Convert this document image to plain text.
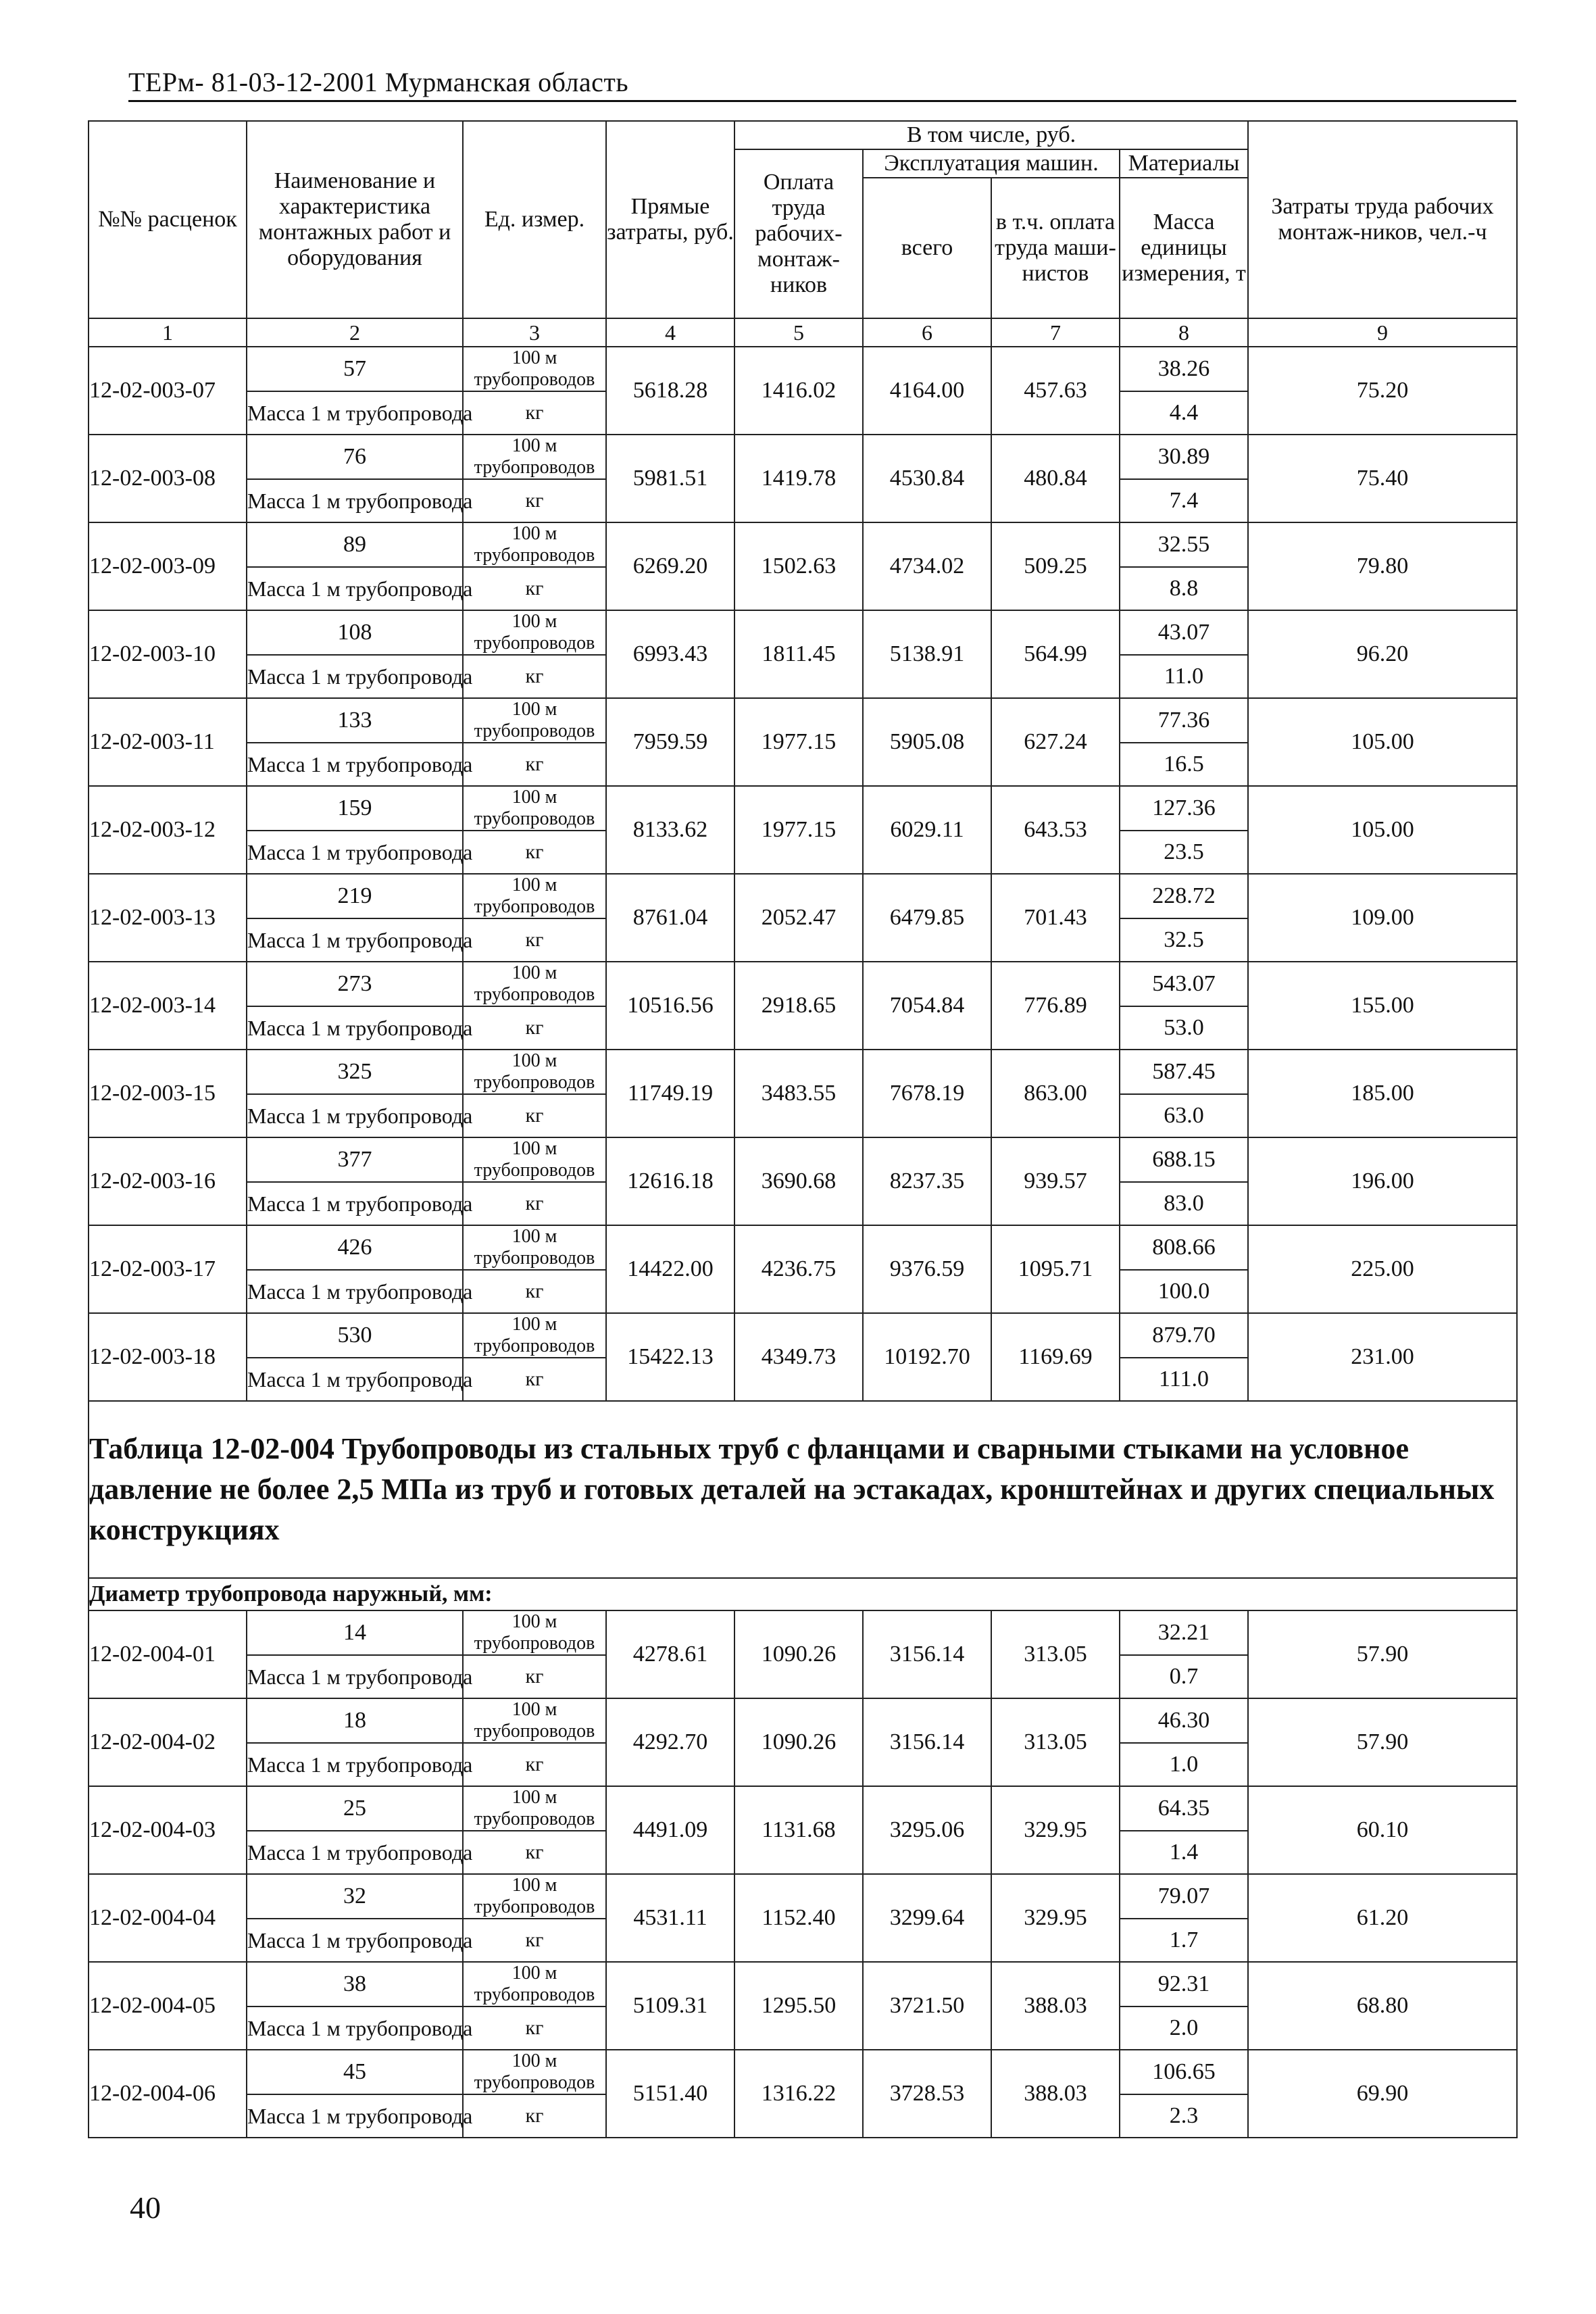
ТЕРм- 81-03-12-2001 Мурманская область
№№ расценок	Наименование и характеристика монтажных работ и оборудования	Ед. измер.	Прямые затраты, руб.	В том числе, руб.				Затраты труда рабочих монтаж-ников, чел.-ч
				Оплата труда рабочих-монтаж-ников	Эксплуатация машин.		Материалы	
					всего	в т.ч. оплата труда маши-нистов	Масса единицы измерения, т	
1	2	3	4	5	6	7	8	9
12-02-003-07	57	100 м трубопроводов	5618.28	1416.02	4164.00	457.63	38.26	75.20
	Масса 1 м трубопровода	кг					4.4	
12-02-003-08	76	100 м трубопроводов	5981.51	1419.78	4530.84	480.84	30.89	75.40
	Масса 1 м трубопровода	кг					7.4	
12-02-003-09	89	100 м трубопроводов	6269.20	1502.63	4734.02	509.25	32.55	79.80
	Масса 1 м трубопровода	кг					8.8	
12-02-003-10	108	100 м трубопроводов	6993.43	1811.45	5138.91	564.99	43.07	96.20
	Масса 1 м трубопровода	кг					11.0	
12-02-003-11	133	100 м трубопроводов	7959.59	1977.15	5905.08	627.24	77.36	105.00
	Масса 1 м трубопровода	кг					16.5	
12-02-003-12	159	100 м трубопроводов	8133.62	1977.15	6029.11	643.53	127.36	105.00
	Масса 1 м трубопровода	кг					23.5	
12-02-003-13	219	100 м трубопроводов	8761.04	2052.47	6479.85	701.43	228.72	109.00
	Масса 1 м трубопровода	кг					32.5	
12-02-003-14	273	100 м трубопроводов	10516.56	2918.65	7054.84	776.89	543.07	155.00
	Масса 1 м трубопровода	кг					53.0	
12-02-003-15	325	100 м трубопроводов	11749.19	3483.55	7678.19	863.00	587.45	185.00
	Масса 1 м трубопровода	кг					63.0	
12-02-003-16	377	100 м трубопроводов	12616.18	3690.68	8237.35	939.57	688.15	196.00
	Масса 1 м трубопровода	кг					83.0	
12-02-003-17	426	100 м трубопроводов	14422.00	4236.75	9376.59	1095.71	808.66	225.00
	Масса 1 м трубопровода	кг					100.0	
12-02-003-18	530	100 м трубопроводов	15422.13	4349.73	10192.70	1169.69	879.70	231.00
	Масса 1 м трубопровода	кг					111.0	
Таблица 12-02-004 Трубопроводы из стальных труб с фланцами и сварными стыками на условное давление не более 2,5 МПа из труб и готовых деталей на эстакадах, кронштейнах и других специальных конструкциях								
Диаметр трубопровода наружный, мм:								
12-02-004-01	14	100 м трубопроводов	4278.61	1090.26	3156.14	313.05	32.21	57.90
	Масса 1 м трубопровода	кг					0.7	
12-02-004-02	18	100 м трубопроводов	4292.70	1090.26	3156.14	313.05	46.30	57.90
	Масса 1 м трубопровода	кг					1.0	
12-02-004-03	25	100 м трубопроводов	4491.09	1131.68	3295.06	329.95	64.35	60.10
	Масса 1 м трубопровода	кг					1.4	
12-02-004-04	32	100 м трубопроводов	4531.11	1152.40	3299.64	329.95	79.07	61.20
	Масса 1 м трубопровода	кг					1.7	
12-02-004-05	38	100 м трубопроводов	5109.31	1295.50	3721.50	388.03	92.31	68.80
	Масса 1 м трубопровода	кг					2.0	
12-02-004-06	45	100 м трубопроводов	5151.40	1316.22	3728.53	388.03	106.65	69.90
	Масса 1 м трубопровода	кг					2.3	
40
